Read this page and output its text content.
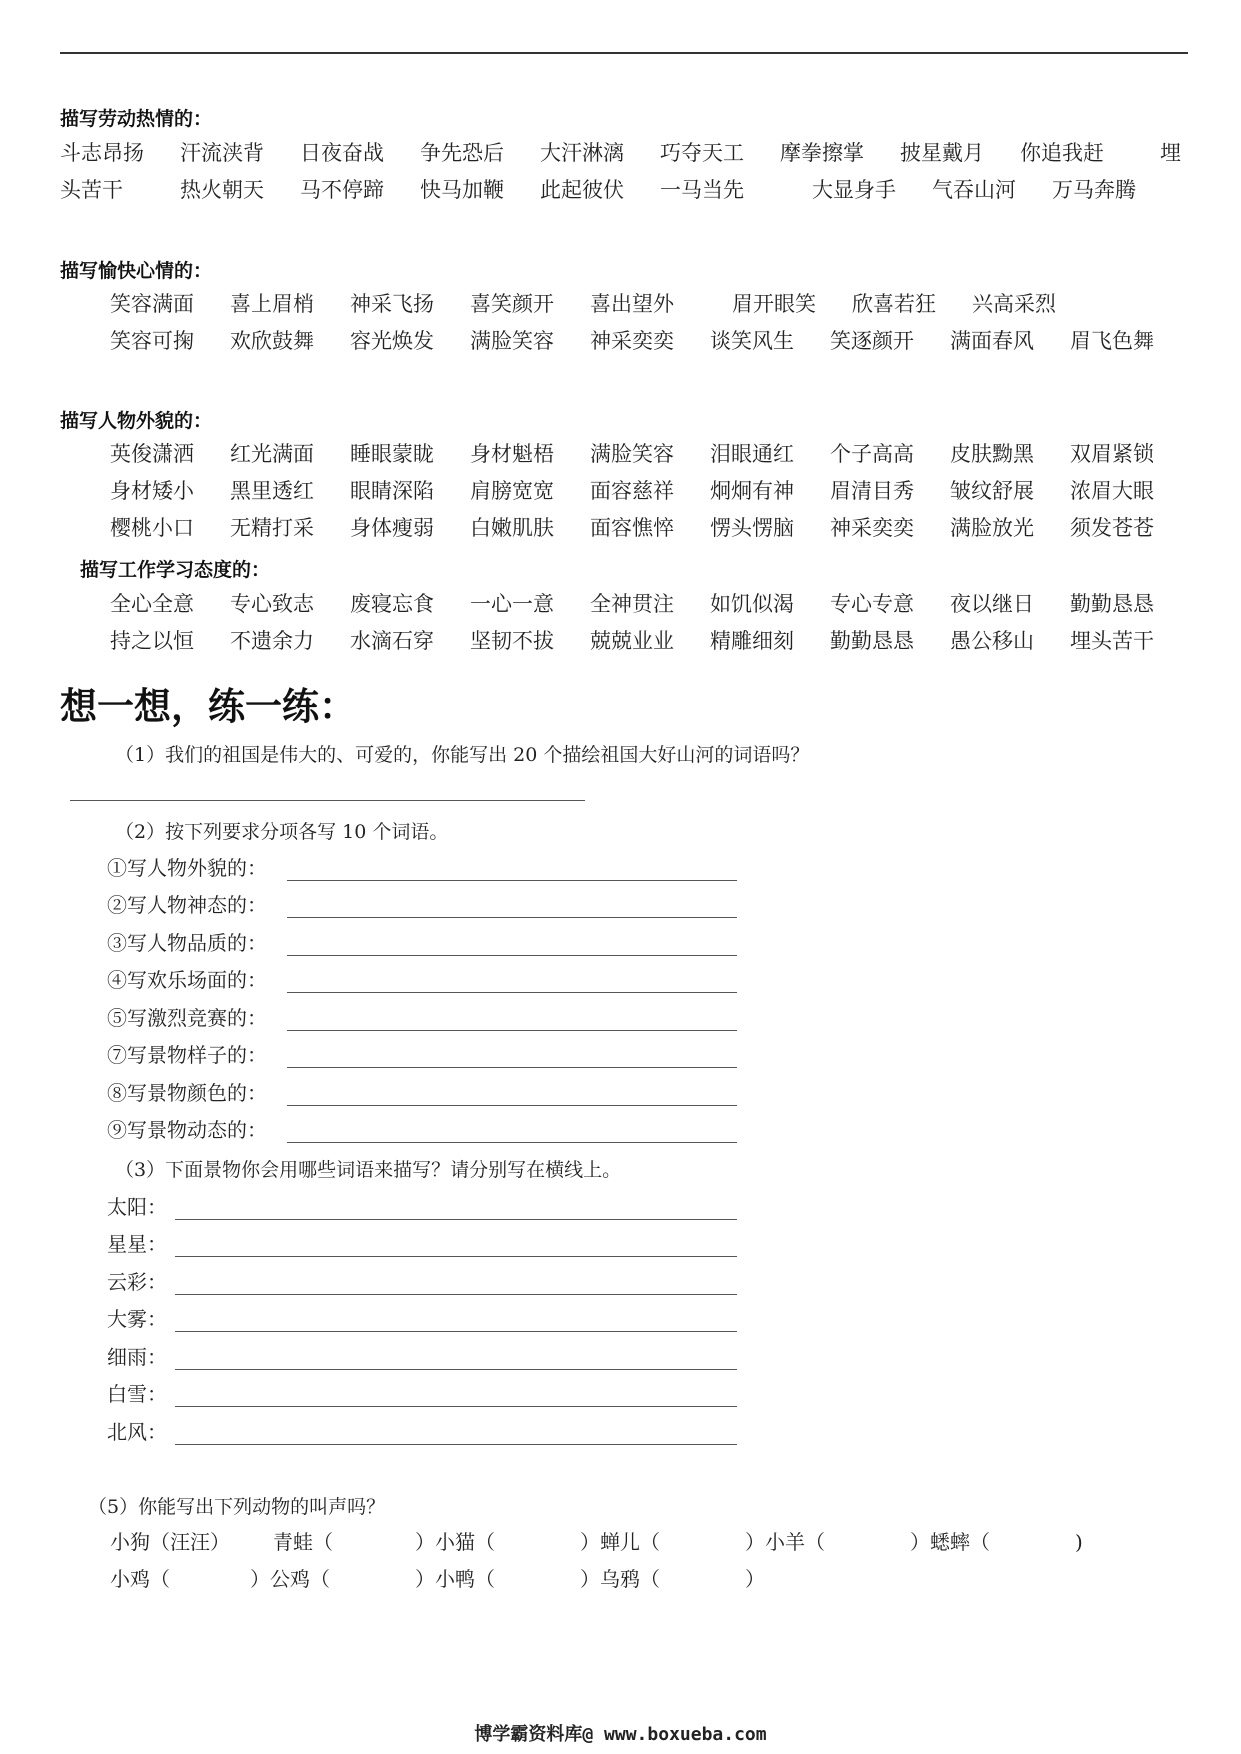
描写劳动热情的：
斗志昂扬 汗流浃背 日夜奋战 争先恐后 大汗淋漓 巧夺天工 摩拳擦掌 披星戴月 你追我赶	埋
头苦干	热火朝天 马不停蹄 快马加鞭 此起彼伏 一马当先	大显身手 气吞山河 万马奔腾
描写愉快心情的：
笑容满面 喜上眉梢 神采飞扬 喜笑颜开 喜出望外	眉开眼笑 欣喜若狂 兴高采烈
笑容可掬 欢欣鼓舞 容光焕发 满脸笑容 神采奕奕 谈笑风生 笑逐颜开 满面春风 眉飞色舞
描写人物外貌的：
英俊潇洒 红光满面 睡眼蒙眬 身材魁梧 满脸笑容 泪眼通红 个子高高 皮肤黝黑 双眉紧锁
身材矮小 黑里透红 眼睛深陷 肩膀宽宽 面容慈祥 炯炯有神 眉清目秀 皱纹舒展 浓眉大眼
樱桃小口 无精打采 身体瘦弱 白嫩肌肤 面容憔悴 愣头愣脑 神采奕奕 满脸放光 须发苍苍
描写工作学习态度的：
全心全意 专心致志 废寝忘食 一心一意 全神贯注 如饥似渴 专心专意 夜以继日 勤勤恳恳
持之以恒 不遗余力 水滴石穿 坚韧不拔 兢兢业业 精雕细刻 勤勤恳恳 愚公移山 埋头苦干
想一想，练一练：
（1）我们的祖国是伟大的、可爱的，你能写出 20 个描绘祖国大好山河的词语吗？
（2）按下列要求分项各写 10 个词语。
①写人物外貌的：
②写人物神态的：
③写人物品质的：
④写欢乐场面的：
⑤写激烈竞赛的：
⑦写景物样子的：
⑧写景物颜色的：
⑨写景物动态的：
（3）下面景物你会用哪些词语来描写？请分别写在横线上。
太阳：
星星：
云彩：
大雾：
细雨：
白雪：
北风：
（5）你能写出下列动物的叫声吗？
小狗（汪汪） 青蛙（	）小猫（	）蝉儿（	）小羊（	）蟋蟀（	)
小鸡（	）公鸡（	）小鸭（	）乌鸦（	）
博学霸资料库@ www.boxueba.com
